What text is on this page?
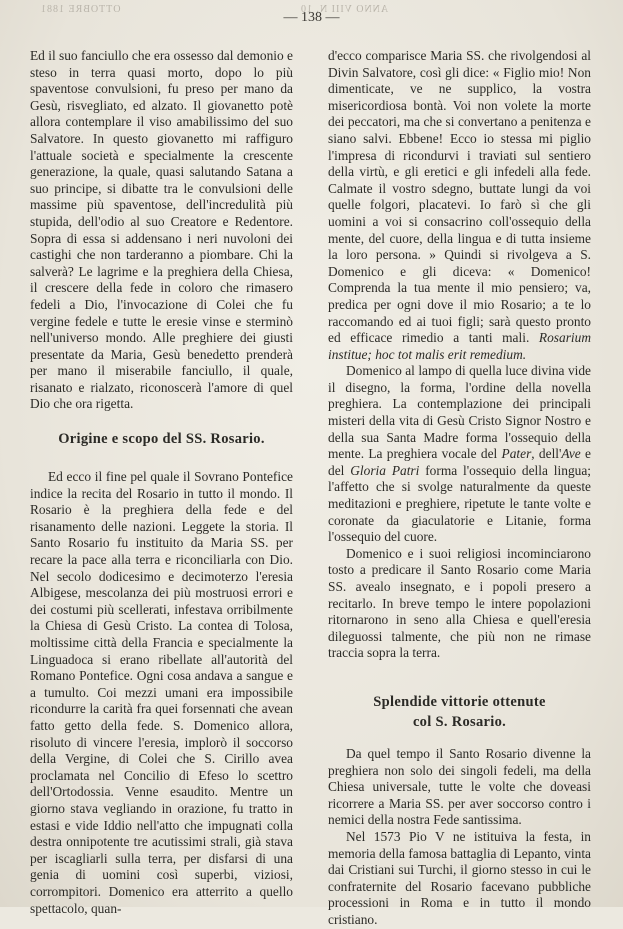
OTTOBRE 1881	ANNO VIII N. 10
— 138 —

Ed il suo fanciullo che era ossesso dal demonio e steso in terra quasi morto, dopo lo più spaventose convulsioni, fu preso per mano da Gesù, risvegliato, ed alzato. Il giovanetto potè allora contemplare il viso amabilissimo del suo Salvatore. In questo giovanetto mi raffiguro l'attuale società e specialmente la crescente generazione, la quale, quasi salutando Satana a suo principe, si dibatte tra le convulsioni delle massime più spaventose, dell'incredulità più stupida, dell'odio al suo Creatore e Redentore. Sopra di essa si addensano i neri nuvoloni dei castighi che non tarderanno a piombare. Chi la salverà? Le lagrime e la preghiera della Chiesa, il crescere della fede in coloro che rimasero fedeli a Dio, l'invocazione di Colei che fu vergine fedele e tutte le eresie vinse e sterminò nell'universo mondo. Alle preghiere dei giusti presentate da Maria, Gesù benedetto prenderà per mano il miserabile fanciullo, il quale, risanato e rialzato, riconoscerà l'amore di quel Dio che ora rigetta.

Origine e scopo del SS. Rosario.

Ed ecco il fine pel quale il Sovrano Pontefice indice la recita del Rosario in tutto il mondo. Il Rosario è la preghiera della fede e del risanamento delle nazioni. Leggete la storia. Il Santo Rosario fu instituito da Maria SS. per recare la pace alla terra e riconciliarla con Dio. Nel secolo dodicesimo e decimoterzo l'eresia Albigese, mescolanza dei più mostruosi errori e dei costumi più scellerati, infestava orribilmente la Chiesa di Gesù Cristo. La contea di Tolosa, moltissime città della Francia e specialmente la Linguadoca si erano ribellate all'autorità del Romano Pontefice. Ogni cosa andava a sangue e a tumulto. Coi mezzi umani era impossibile ricondurre la carità fra quei forsennati che avean fatto getto della fede. S. Domenico allora, risoluto di vincere l'eresia, implorò il soccorso della Vergine, di Colei che S. Cirillo avea proclamata nel Concilio di Efeso lo scettro dell'Ortodossia. Venne esaudito. Mentre un giorno stava vegliando in orazione, fu tratto in estasi e vide Iddio nell'atto che impugnati colla destra onnipotente tre acutissimi strali, già stava per iscagliarli sulla terra, per disfarsi di una genia di uomini così superbi, viziosi, corrompitori. Domenico era atterrito a quello spettacolo, quan-

d'ecco comparisce Maria SS. che rivolgendosi al Divin Salvatore, così gli dice: « Figlio mio! Non dimenticate, ve ne supplico, la vostra misericordiosa bontà. Voi non volete la morte dei peccatori, ma che si convertano a penitenza e siano salvi. Ebbene! Ecco io stessa mi piglio l'impresa di ricondurvi i traviati sul sentiero della virtù, e gli eretici e gli infedeli alla fede. Calmate il vostro sdegno, buttate lungi da voi quelle folgori, placatevi. Io farò sì che gli uomini a voi si consacrino coll'ossequio della mente, del cuore, della lingua e di tutta insieme la loro persona. » Quindi si rivolgeva a S. Domenico e gli diceva: « Domenico! Comprenda la tua mente il mio pensiero; va, predica per ogni dove il mio Rosario; a te lo raccomando ed ai tuoi figli; sarà questo pronto ed efficace rimedio a tanti mali. Rosarium institue; hoc tot malis erit remedium.

Domenico al lampo di quella luce divina vide il disegno, la forma, l'ordine della novella preghiera. La contemplazione dei principali misteri della vita di Gesù Cristo Signor Nostro e della sua Santa Madre forma l'ossequio della mente. La preghiera vocale del Pater, dell'Ave e del Gloria Patri forma l'ossequio della lingua; l'affetto che si svolge naturalmente da queste meditazioni e preghiere, ripetute le tante volte e coronate da giaculatorie e Litanie, forma l'ossequio del cuore.

Domenico e i suoi religiosi incominciarono tosto a predicare il Santo Rosario come Maria SS. avealo insegnato, e i popoli presero a recitarlo. In breve tempo le intere popolazioni ritornarono in seno alla Chiesa e quell'eresia dileguossi talmente, che più non ne rimase traccia sopra la terra.

Splendide vittorie ottenute
col S. Rosario.

Da quel tempo il Santo Rosario divenne la preghiera non solo dei singoli fedeli, ma della Chiesa universale, tutte le volte che doveasi ricorrere a Maria SS. per aver soccorso contro i nemici della nostra Fede santissima.

Nel 1573 Pio V ne istituiva la festa, in memoria della famosa battaglia di Lepanto, vinta dai Cristiani sui Turchi, il giorno stesso in cui le confraternite del Rosario facevano pubbliche processioni in Roma e in tutto il mondo cristiano.
